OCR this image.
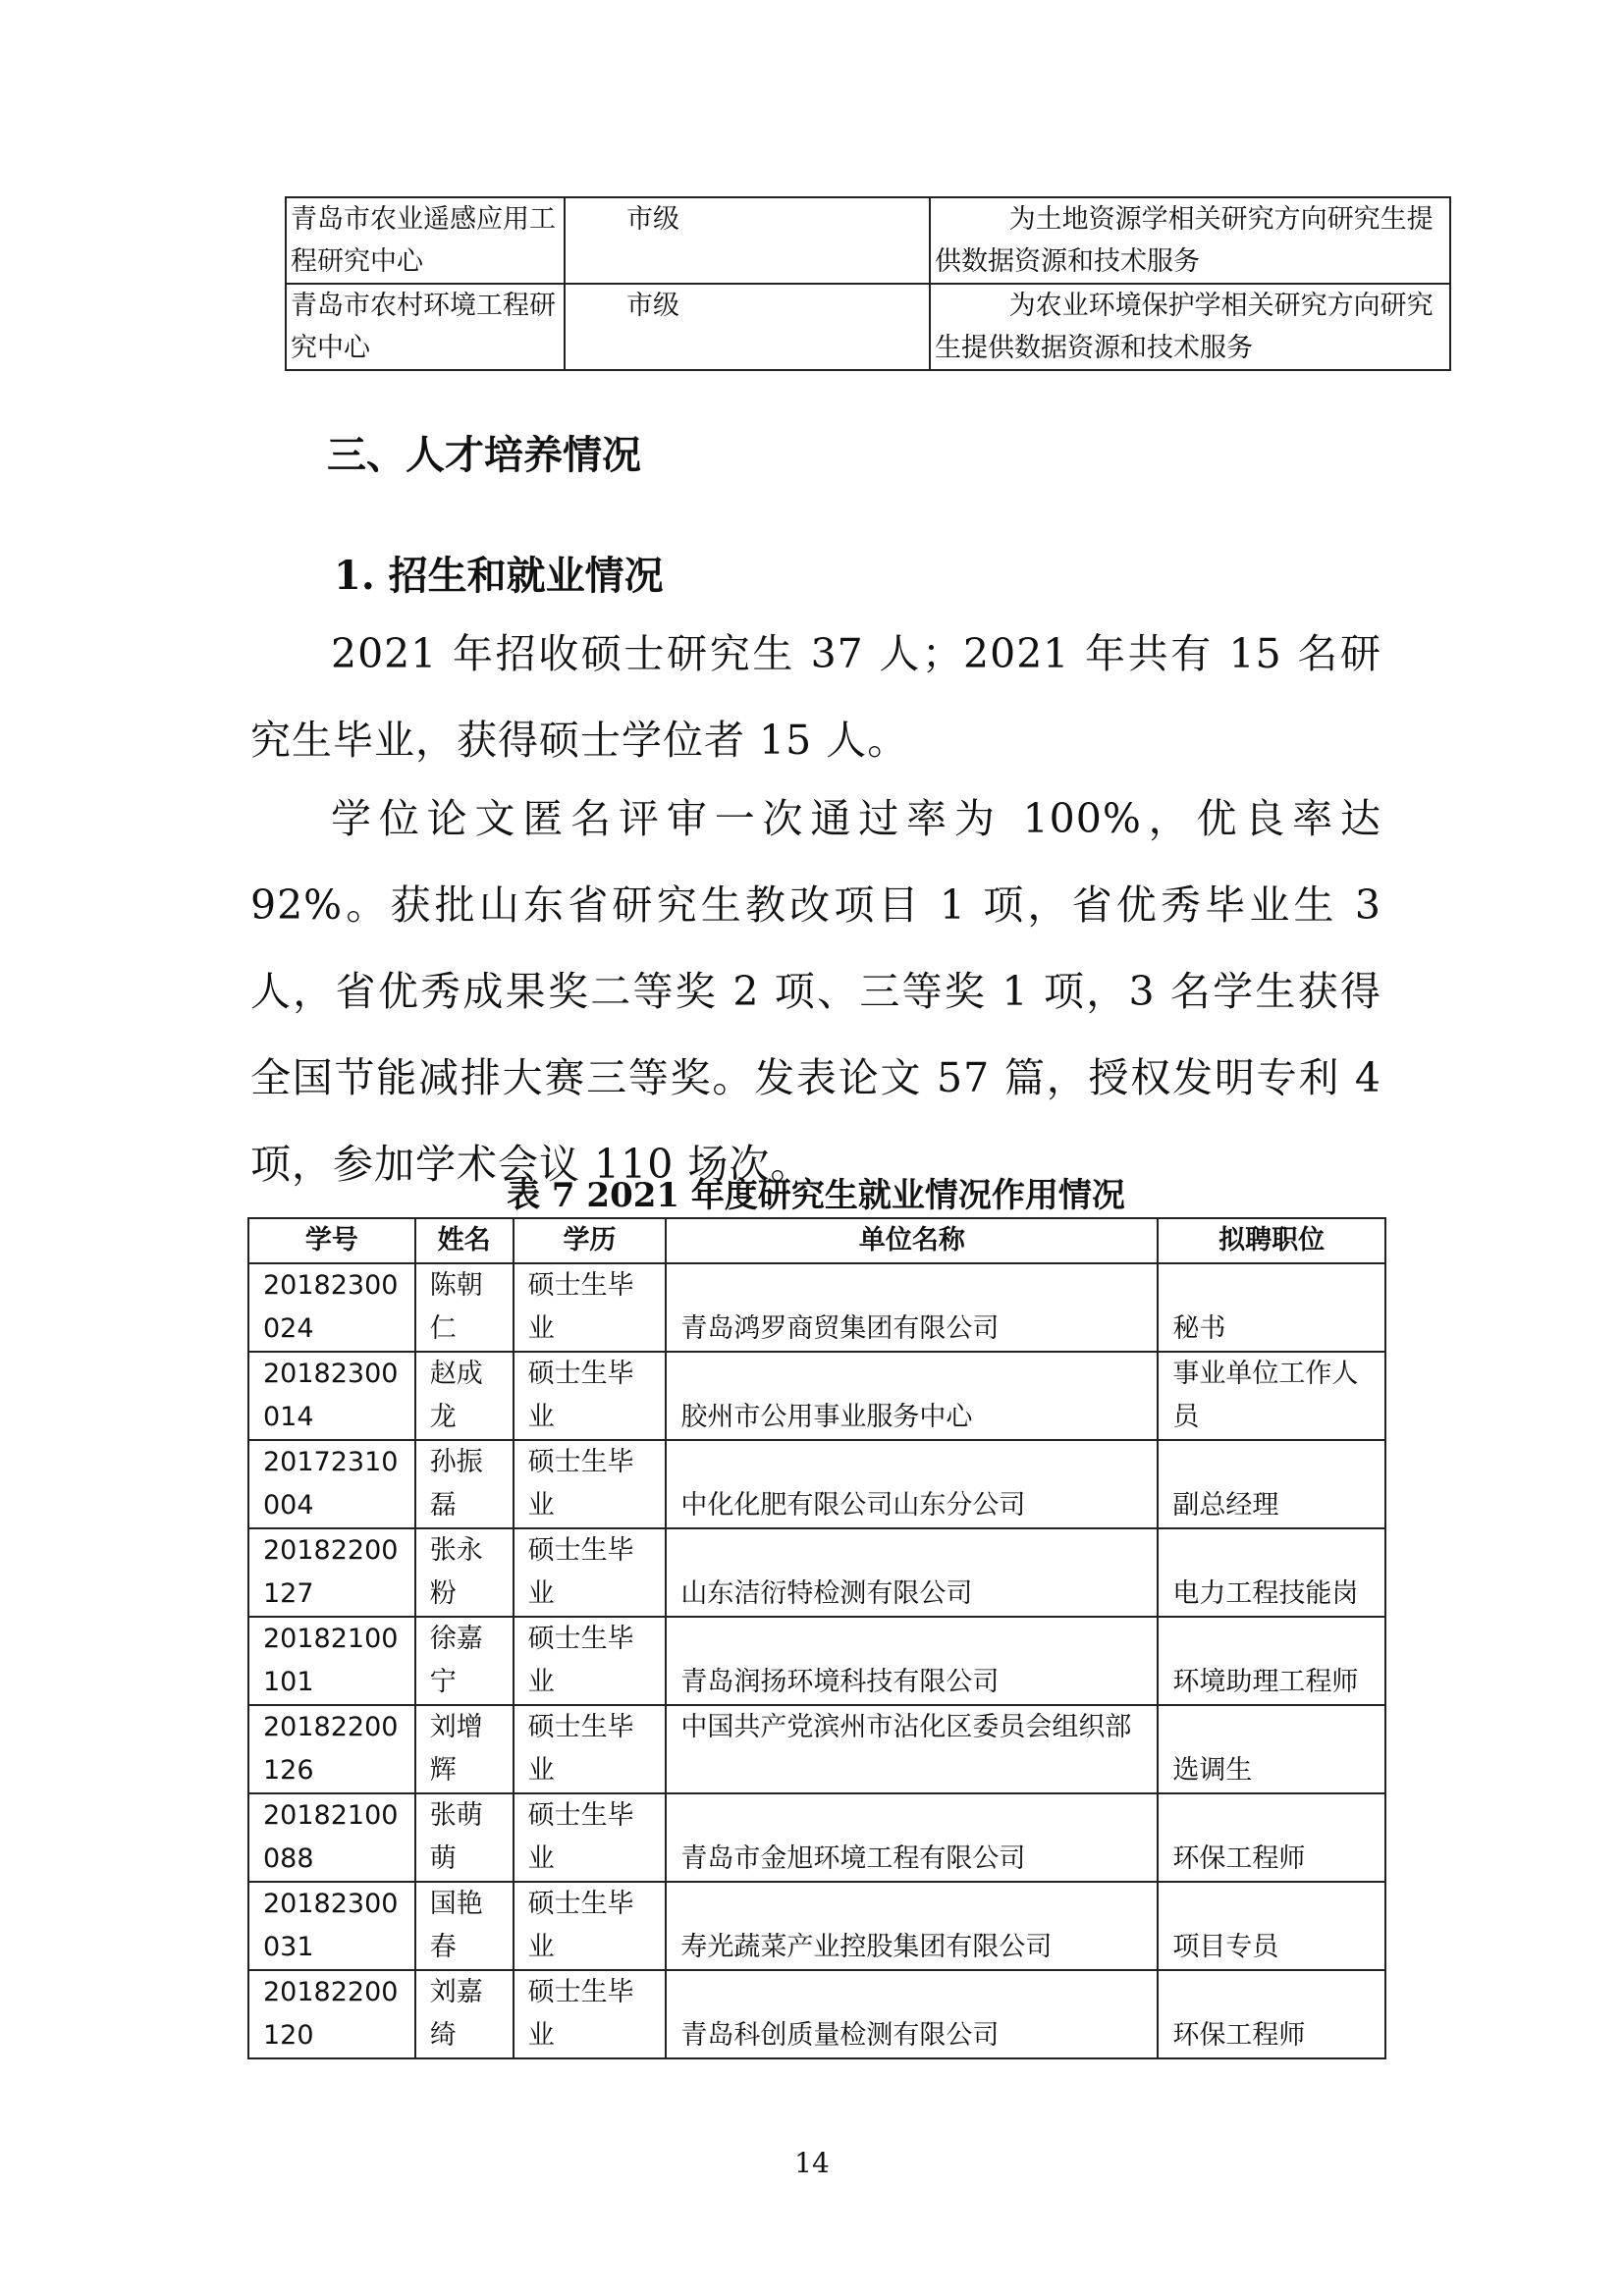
青岛市农业遥感应用工程研究中心	市级	为土地资源学相关研究方向研究生提供数据资源和技术服务
青岛市农村环境工程研究中心	市级	为农业环境保护学相关研究方向研究生提供数据资源和技术服务
三、人才培养情况
1. 招生和就业情况
2021 年招收硕士研究生 37 人；2021 年共有 15 名研究生毕业，获得硕士学位者 15 人。
学位论文匿名评审一次通过率为 100%，优良率达 92%。获批山东省研究生教改项目 1 项，省优秀毕业生 3 人，省优秀成果奖二等奖 2 项、三等奖 1 项，3 名学生获得全国节能减排大赛三等奖。发表论文 57 篇，授权发明专利 4 项，参加学术会议 110 场次。
表 7 2021 年度研究生就业情况作用情况
学号	姓名	学历	单位名称	拟聘职位
20182300024	陈朝仁	硕士生毕业	青岛鸿罗商贸集团有限公司	秘书
20182300014	赵成龙	硕士生毕业	胶州市公用事业服务中心	事业单位工作人员
20172310004	孙振磊	硕士生毕业	中化化肥有限公司山东分公司	副总经理
20182200127	张永粉	硕士生毕业	山东洁衍特检测有限公司	电力工程技能岗
20182100101	徐嘉宁	硕士生毕业	青岛润扬环境科技有限公司	环境助理工程师
20182200126	刘增辉	硕士生毕业	中国共产党滨州市沾化区委员会组织部	选调生
20182100088	张萌萌	硕士生毕业	青岛市金旭环境工程有限公司	环保工程师
20182300031	国艳春	硕士生毕业	寿光蔬菜产业控股集团有限公司	项目专员
20182200120	刘嘉绮	硕士生毕业	青岛科创质量检测有限公司	环保工程师
14
